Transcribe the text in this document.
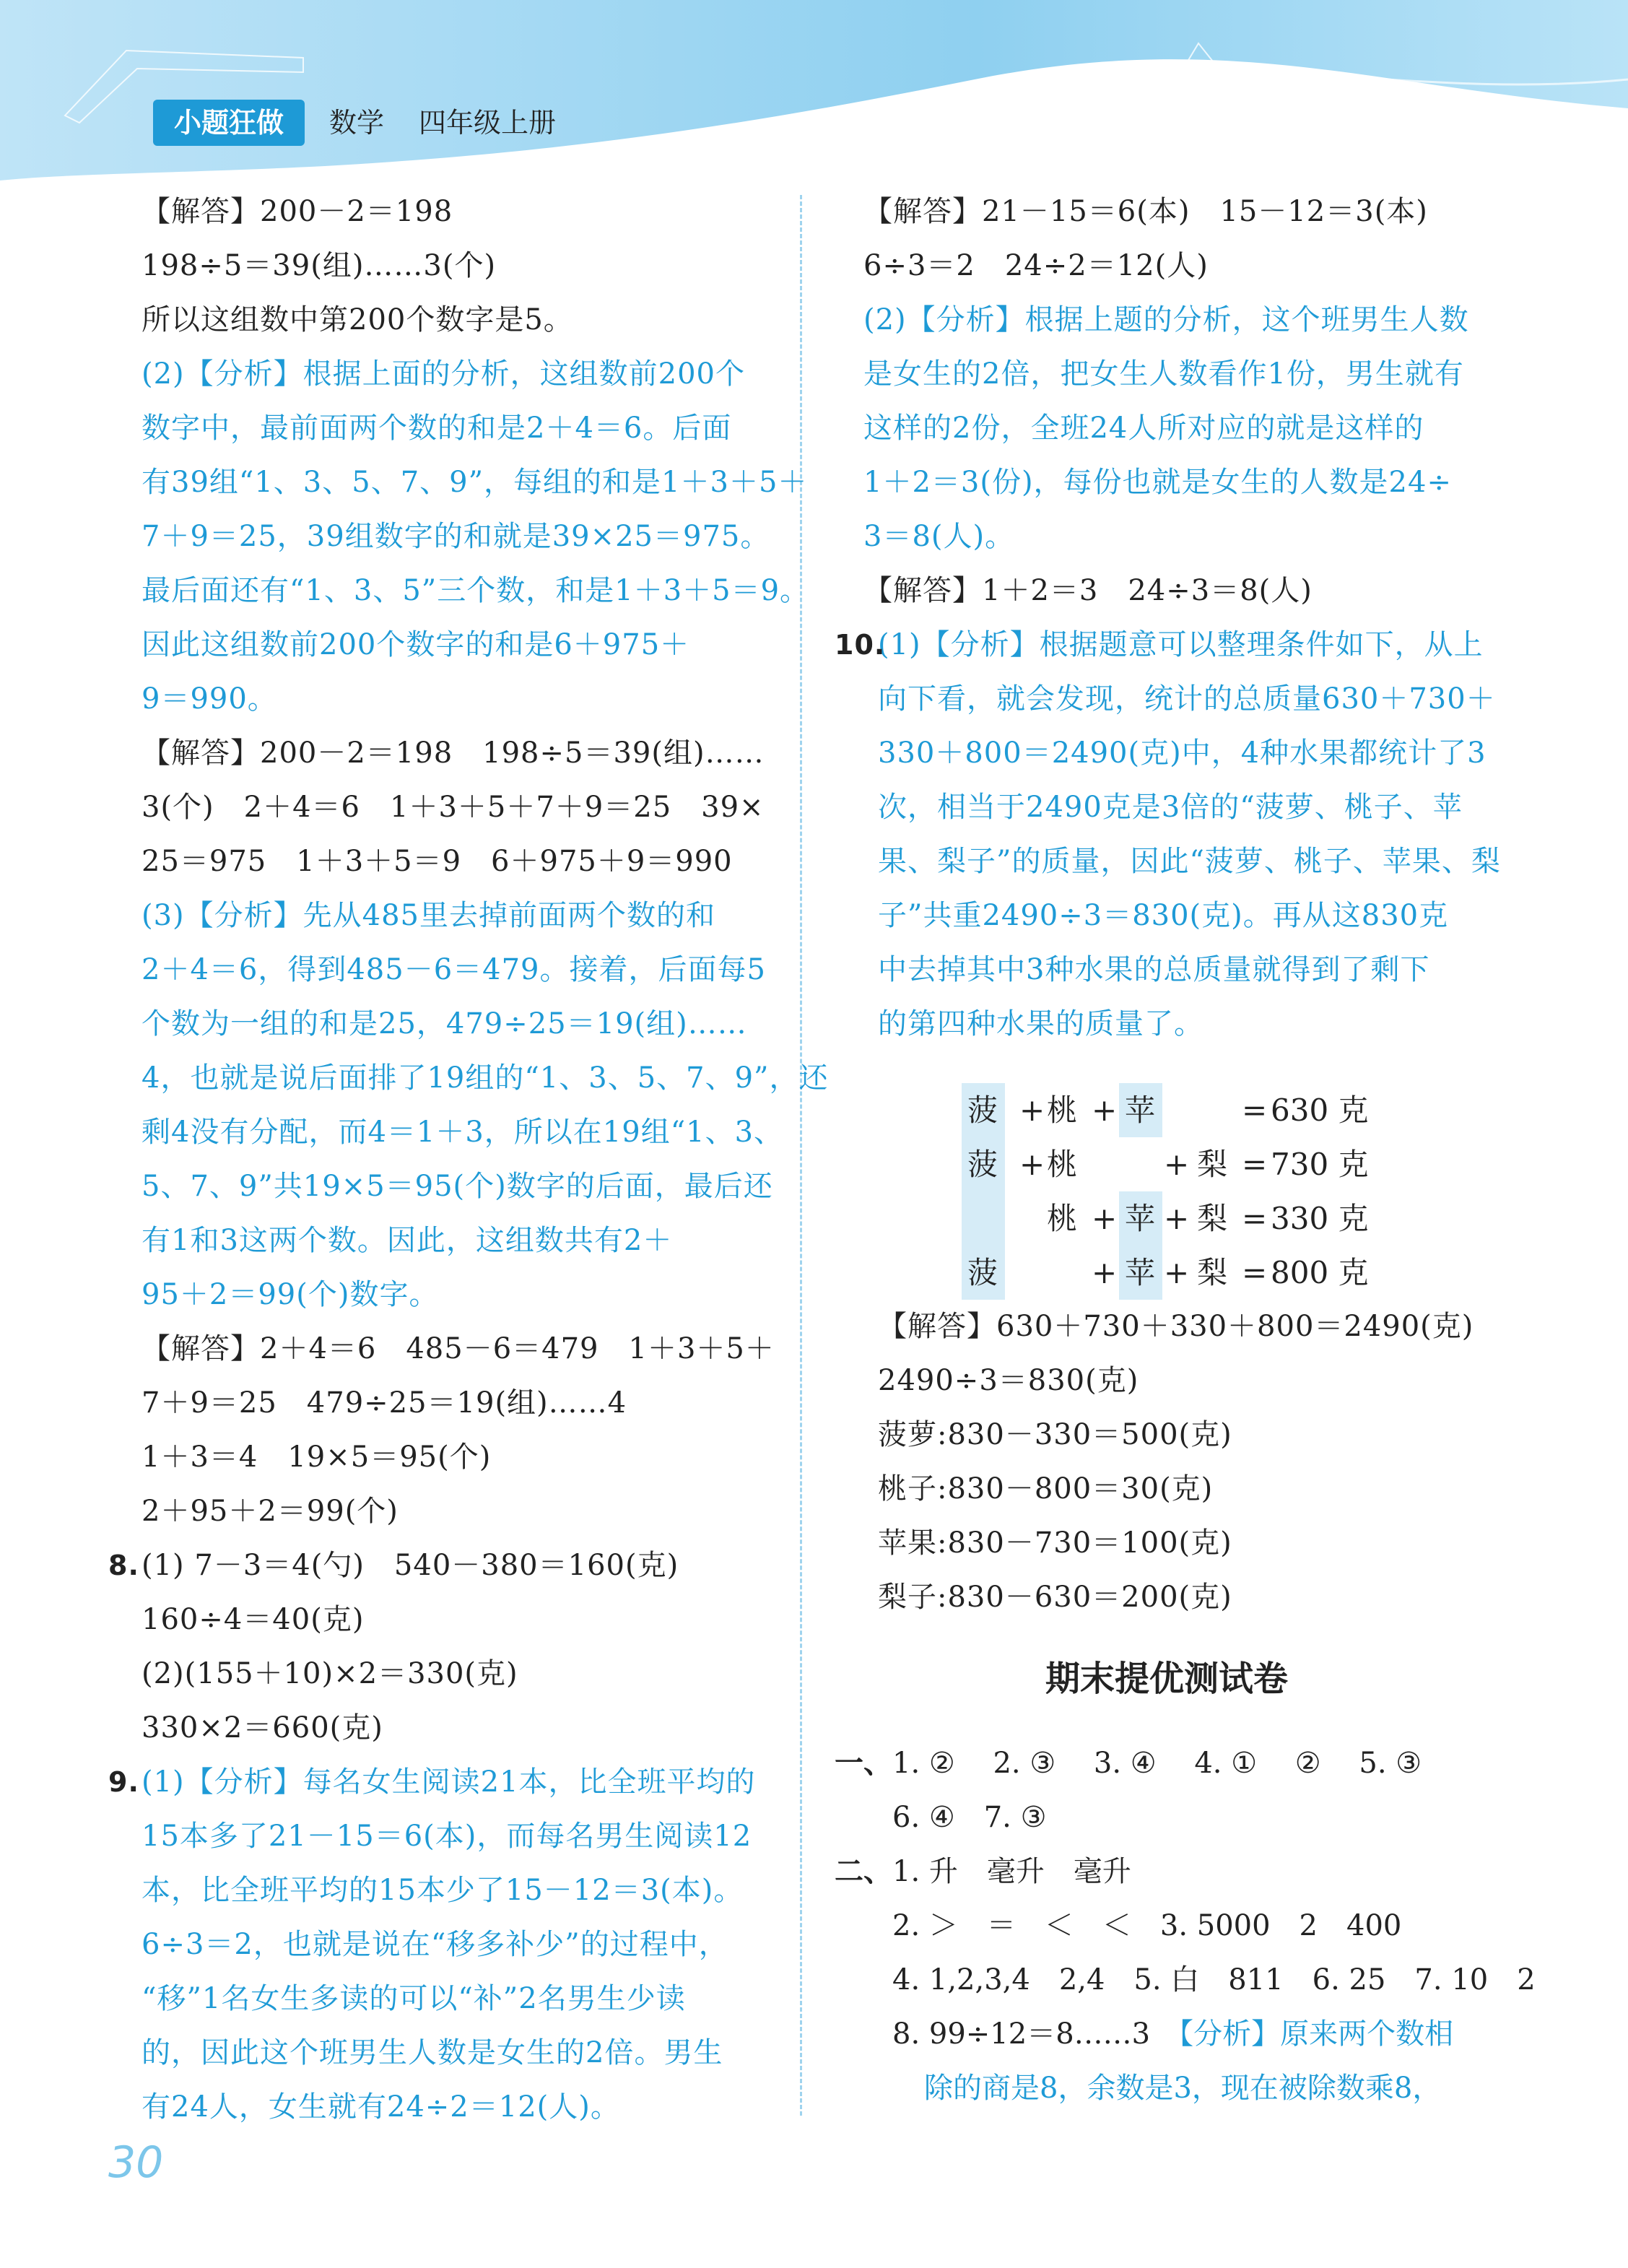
小题狂做	数学 四年级上册
【解答】200－2＝198
198÷5＝39(组)……3(个)
所以这组数中第200个数字是5。
(2)【分析】根据上面的分析，这组数前200个
数字中，最前面两个数的和是2＋4＝6。后面
有39组“1、3、5、7、9”，每组的和是1＋3＋5＋
7＋9＝25，39组数字的和就是39×25＝975。
最后面还有“1、3、5”三个数，和是1＋3＋5＝9。
因此这组数前200个数字的和是6＋975＋
9＝990。
【解答】200－2＝198　198÷5＝39(组)……
3(个)　2＋4＝6　1＋3＋5＋7＋9＝25　39×
25＝975　1＋3＋5＝9　6＋975＋9＝990
(3)【分析】先从485里去掉前面两个数的和
2＋4＝6，得到485－6＝479。接着，后面每5
个数为一组的和是25，479÷25＝19(组)……
4，也就是说后面排了19组的“1、3、5、7、9”，还
剩4没有分配，而4＝1＋3，所以在19组“1、3、
5、7、9”共19×5＝95(个)数字的后面，最后还
有1和3这两个数。因此，这组数共有2＋
95＋2＝99(个)数字。
【解答】2＋4＝6　485－6＝479　1＋3＋5＋
7＋9＝25　479÷25＝19(组)……4
1＋3＝4　19×5＝95(个)
2＋95＋2＝99(个)
8. (1) 7－3＝4(勺)　540－380＝160(克)
160÷4＝40(克)
(2)(155＋10)×2＝330(克)
330×2＝660(克)
9. (1)【分析】每名女生阅读21本，比全班平均的
15本多了21－15＝6(本)，而每名男生阅读12
本，比全班平均的15本少了15－12＝3(本)。
6÷3＝2，也就是说在“移多补少”的过程中，
“移”1名女生多读的可以“补”2名男生少读
的，因此这个班男生人数是女生的2倍。男生
有24人，女生就有24÷2＝12(人)。
【解答】21－15＝6(本)　15－12＝3(本)
6÷3＝2　24÷2＝12(人)
(2)【分析】根据上题的分析，这个班男生人数
是女生的2倍，把女生人数看作1份，男生就有
这样的2份，全班24人所对应的就是这样的
1＋2＝3(份)，每份也就是女生的人数是24÷
3＝8(人)。
【解答】1＋2＝3　24÷3＝8(人)
10.
(1)【分析】根据题意可以整理条件如下，从上
向下看，就会发现，统计的总质量630＋730＋
330＋800＝2490(克)中，4种水果都统计了3
次，相当于2490克是3倍的“菠萝、桃子、苹
果、梨子”的质量，因此“菠萝、桃子、苹果、梨
子”共重2490÷3＝830(克)。再从这830克
中去掉其中3种水果的总质量就得到了剩下
的第四种水果的质量了。
菠 + 桃 + 苹	= 630 克
菠 + 桃	+ 梨 = 730 克
桃 + 苹 + 梨 = 330 克
菠	+ 苹 + 梨 = 800 克
【解答】630＋730＋330＋800＝2490(克)
2490÷3＝830(克)
菠萝:830－330＝500(克)
桃子:830－800＝30(克)
苹果:830－730＝100(克)
梨子:830－630＝200(克)
期末提优测试卷
一、 1. ②　 2. ③　 3. ④　 4. ①　 ②　 5. ③
6. ④　7. ③
二、 1. 升　毫升　毫升
2. ＞　＝　＜　＜　3. 5000　2　400
4. 1,2,3,4　2,4　5. 白　811　6. 25　7. 10　2
8. 99÷12＝8……3　【分析】原来两个数相
除的商是8，余数是3，现在被除数乘8，
30
